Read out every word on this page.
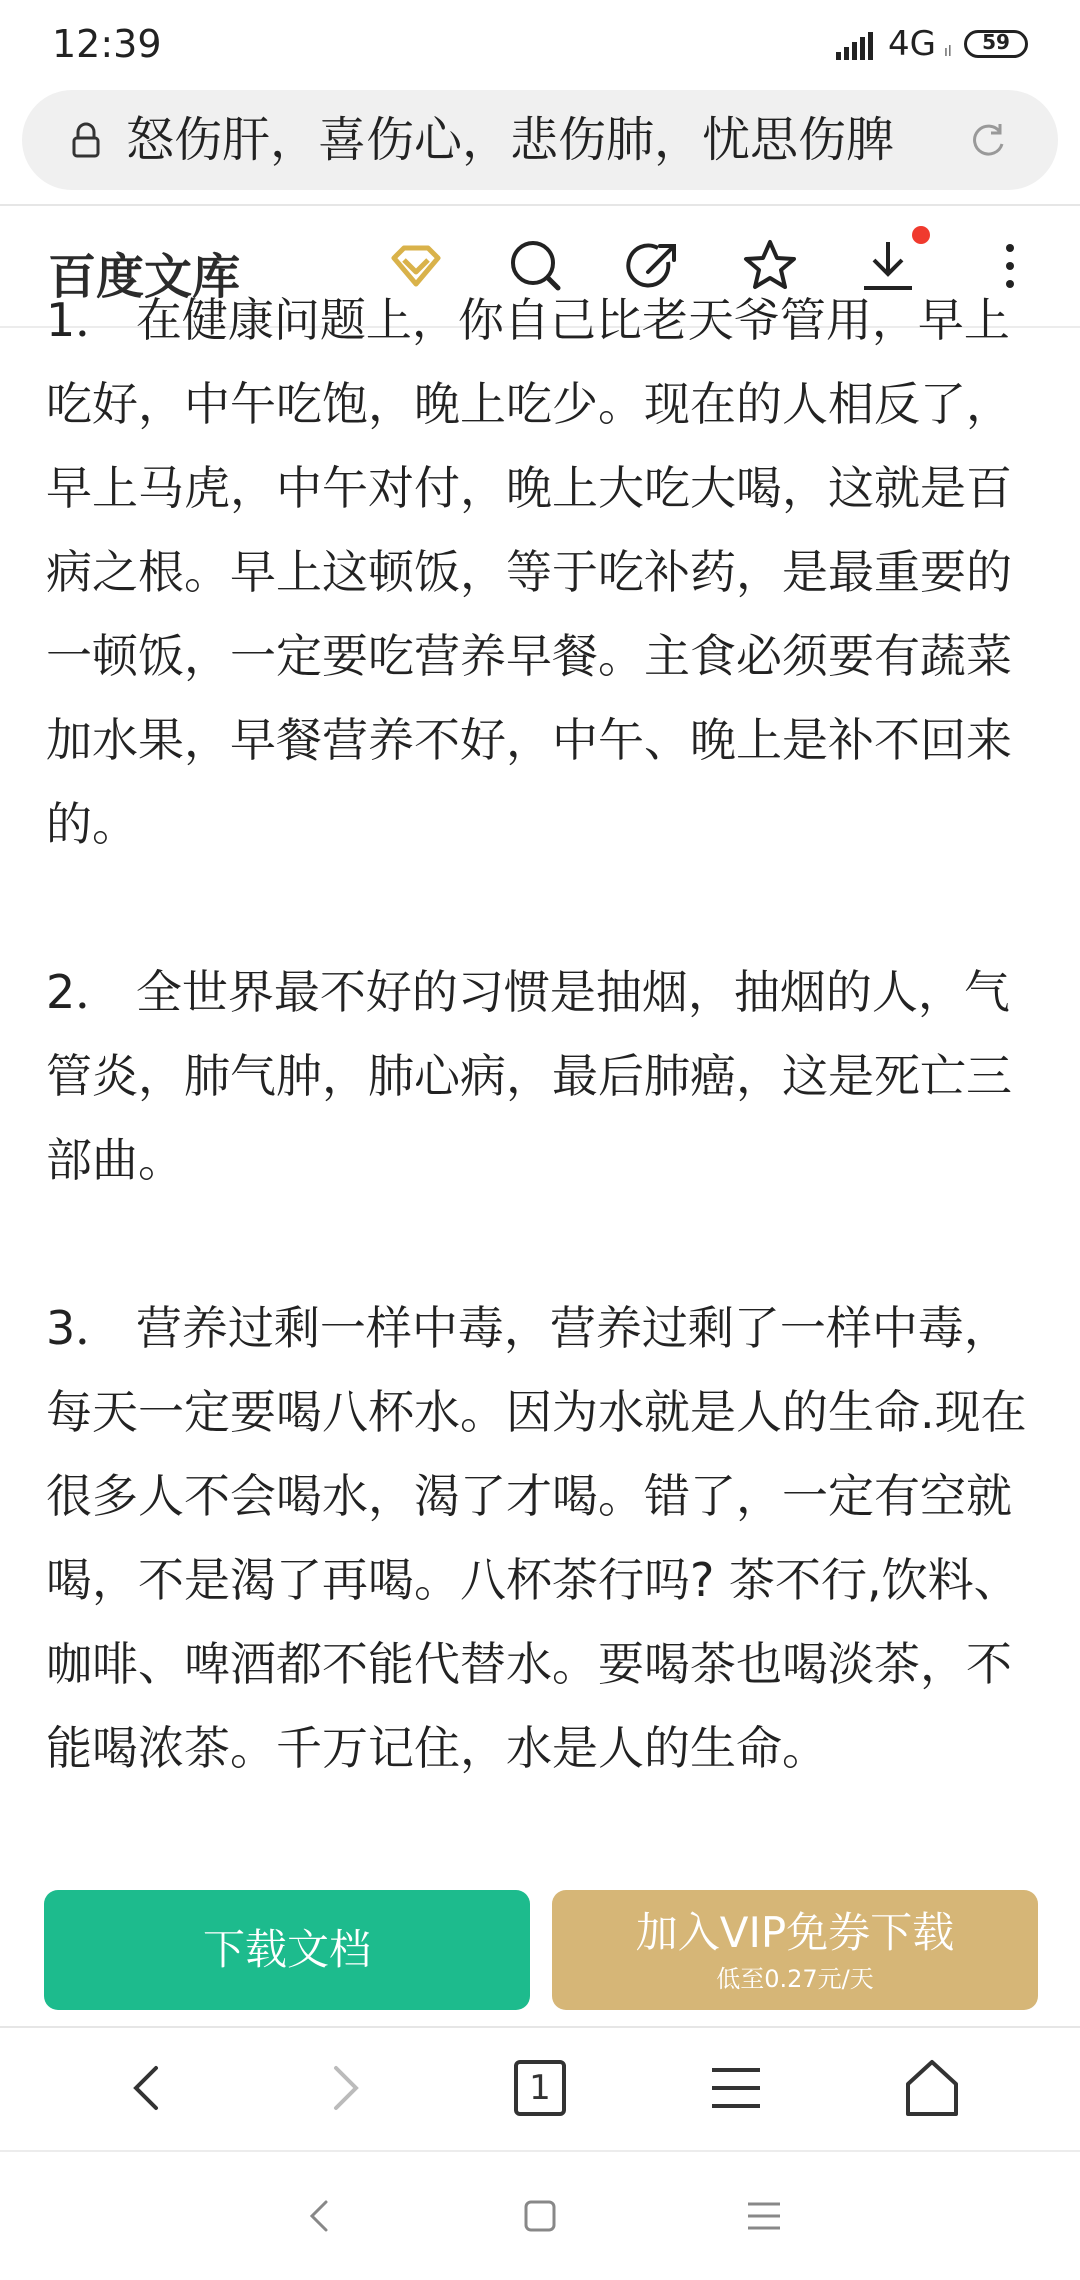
12:39	4G ıl	59
怒伤肝，喜伤心，悲伤肺，忧思伤脾
百度文库

1． 在健康问题上，你自己比老天爷管用，早上吃好，中午吃饱，晚上吃少。现在的人相反了，早上马虎，中午对付，晚上大吃大喝，这就是百病之根。早上这顿饭，等于吃补药，是最重要的一顿饭，一定要吃营养早餐。主食必须要有蔬菜加水果，早餐营养不好，中午、晚上是补不回来的。

2． 全世界最不好的习惯是抽烟，抽烟的人，气管炎，肺气肿，肺心病，最后肺癌，这是死亡三部曲。

3． 营养过剩一样中毒，营养过剩了一样中毒，每天一定要喝八杯水。因为水就是人的生命.现在很多人不会喝水，渴了才喝。错了，一定有空就喝，不是渴了再喝。八杯茶行吗? 茶不行,饮料、咖啡、啤酒都不能代替水。要喝茶也喝淡茶，不能喝浓茶。千万记住，水是人的生命。

下载文档	加入VIP免券下载
低至0.27元/天
1
